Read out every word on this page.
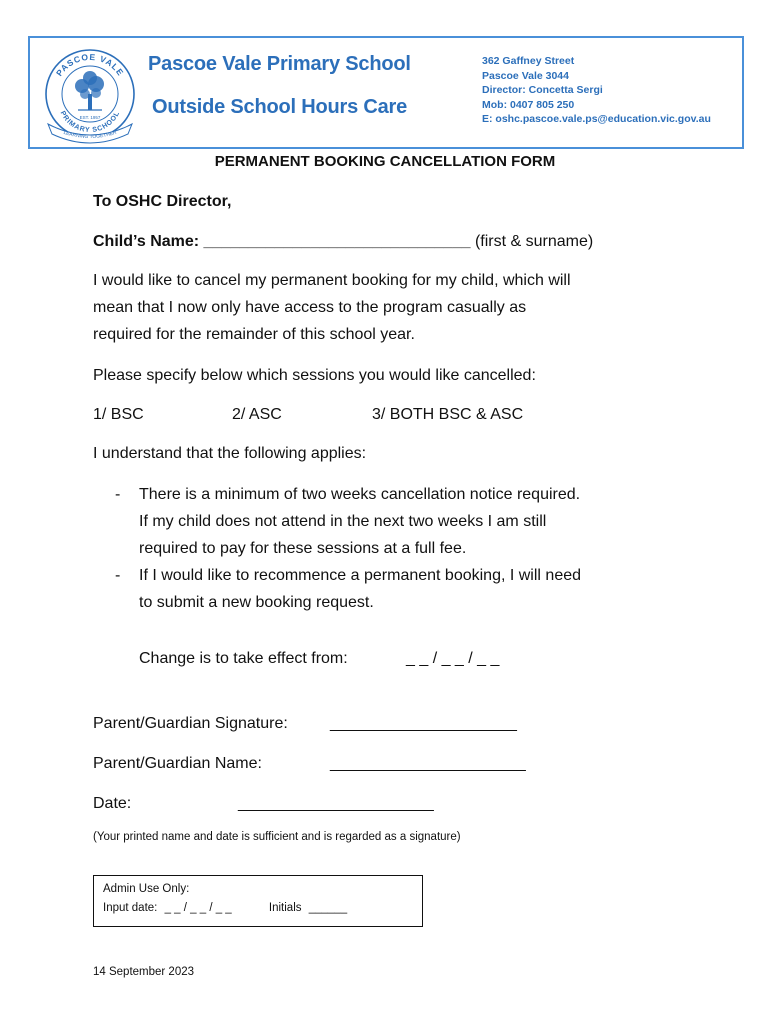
PASCOE VALE
PRIMARY SCHOOL
EST. 1957
LEARNING TOGETHER
Pascoe Vale Primary School
Outside School Hours Care
362 Gaffney Street
Pascoe Vale 3044
Director: Concetta Sergi
Mob: 0407 805 250
E: oshc.pascoe.vale.ps@education.vic.gov.au
PERMANENT BOOKING CANCELLATION FORM
To OSHC Director,
Child’s Name: ______________________________ (first & surname)
I would like to cancel my permanent booking for my child, which will
mean that I now only have access to the program casually as
required for the remainder of this school year.
Please specify below which sessions you would like cancelled:
1/ BSC	2/ ASC	3/ BOTH BSC & ASC
I understand that the following applies:
-	There is a minimum of two weeks cancellation notice required.
If my child does not attend in the next two weeks I am still
required to pay for these sessions at a full fee.
-	If I would like to recommence a permanent booking, I will need
to submit a new booking request.
Change is to take effect from:	_ _ / _ _ / _ _
Parent/Guardian Signature:	_____________________
Parent/Guardian Name:	______________________
Date:	______________________
(Your printed name and date is sufficient and is regarded as a signature)
Admin Use Only:
Input date: _ _ / _ _ / _ _	Initials ______
14 September 2023
